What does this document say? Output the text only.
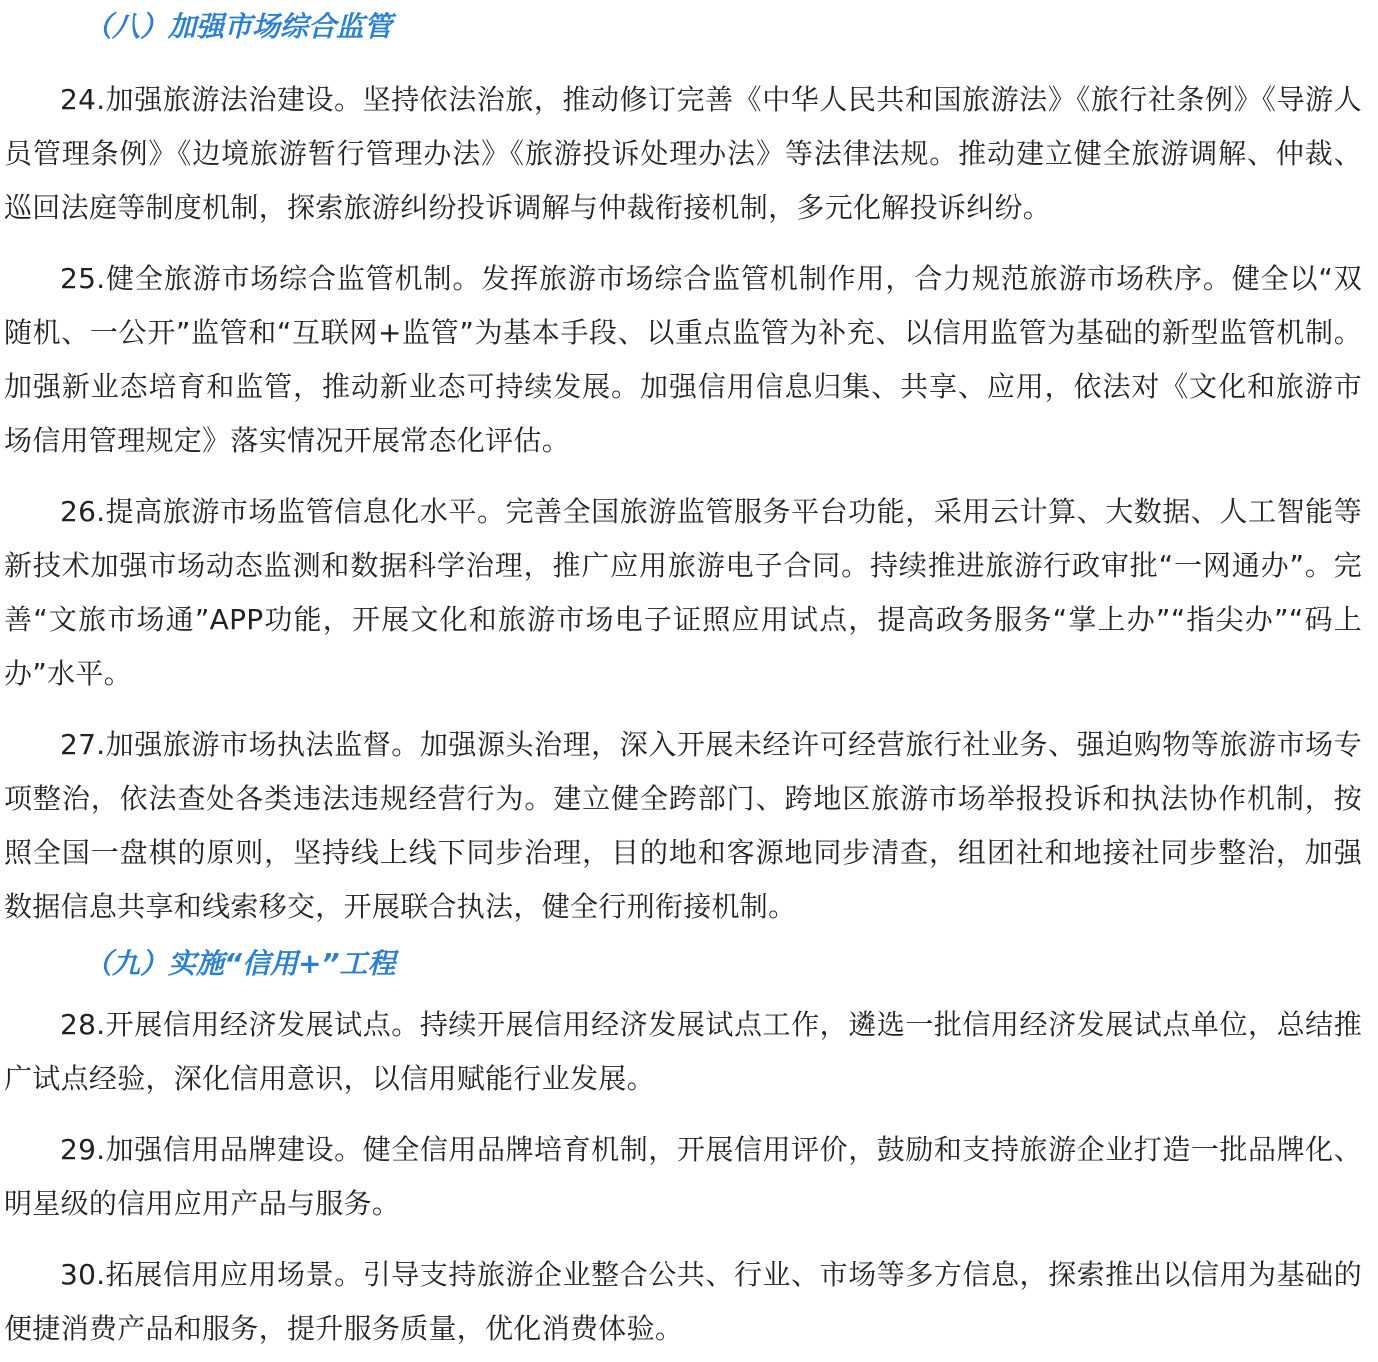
（八）加强市场综合监管

24.加强旅游法治建设。坚持依法治旅，推动修订完善《中华人民共和国旅游法》《旅行社条例》《导游人员管理条例》《边境旅游暂行管理办法》《旅游投诉处理办法》等法律法规。推动建立健全旅游调解、仲裁、巡回法庭等制度机制，探索旅游纠纷投诉调解与仲裁衔接机制，多元化解投诉纠纷。

25.健全旅游市场综合监管机制。发挥旅游市场综合监管机制作用，合力规范旅游市场秩序。健全以“双随机、一公开”监管和“互联网+监管”为基本手段、以重点监管为补充、以信用监管为基础的新型监管机制。加强新业态培育和监管，推动新业态可持续发展。加强信用信息归集、共享、应用，依法对《文化和旅游市场信用管理规定》落实情况开展常态化评估。

26.提高旅游市场监管信息化水平。完善全国旅游监管服务平台功能，采用云计算、大数据、人工智能等新技术加强市场动态监测和数据科学治理，推广应用旅游电子合同。持续推进旅游行政审批“一网通办”。完善“文旅市场通”APP功能，开展文化和旅游市场电子证照应用试点，提高政务服务“掌上办”“指尖办”“码上办”水平。

27.加强旅游市场执法监督。加强源头治理，深入开展未经许可经营旅行社业务、强迫购物等旅游市场专项整治，依法查处各类违法违规经营行为。建立健全跨部门、跨地区旅游市场举报投诉和执法协作机制，按照全国一盘棋的原则，坚持线上线下同步治理，目的地和客源地同步清查，组团社和地接社同步整治，加强数据信息共享和线索移交，开展联合执法，健全行刑衔接机制。

（九）实施“信用+”工程

28.开展信用经济发展试点。持续开展信用经济发展试点工作，遴选一批信用经济发展试点单位，总结推广试点经验，深化信用意识，以信用赋能行业发展。

29.加强信用品牌建设。健全信用品牌培育机制，开展信用评价，鼓励和支持旅游企业打造一批品牌化、明星级的信用应用产品与服务。

30.拓展信用应用场景。引导支持旅游企业整合公共、行业、市场等多方信息，探索推出以信用为基础的便捷消费产品和服务，提升服务质量，优化消费体验。
